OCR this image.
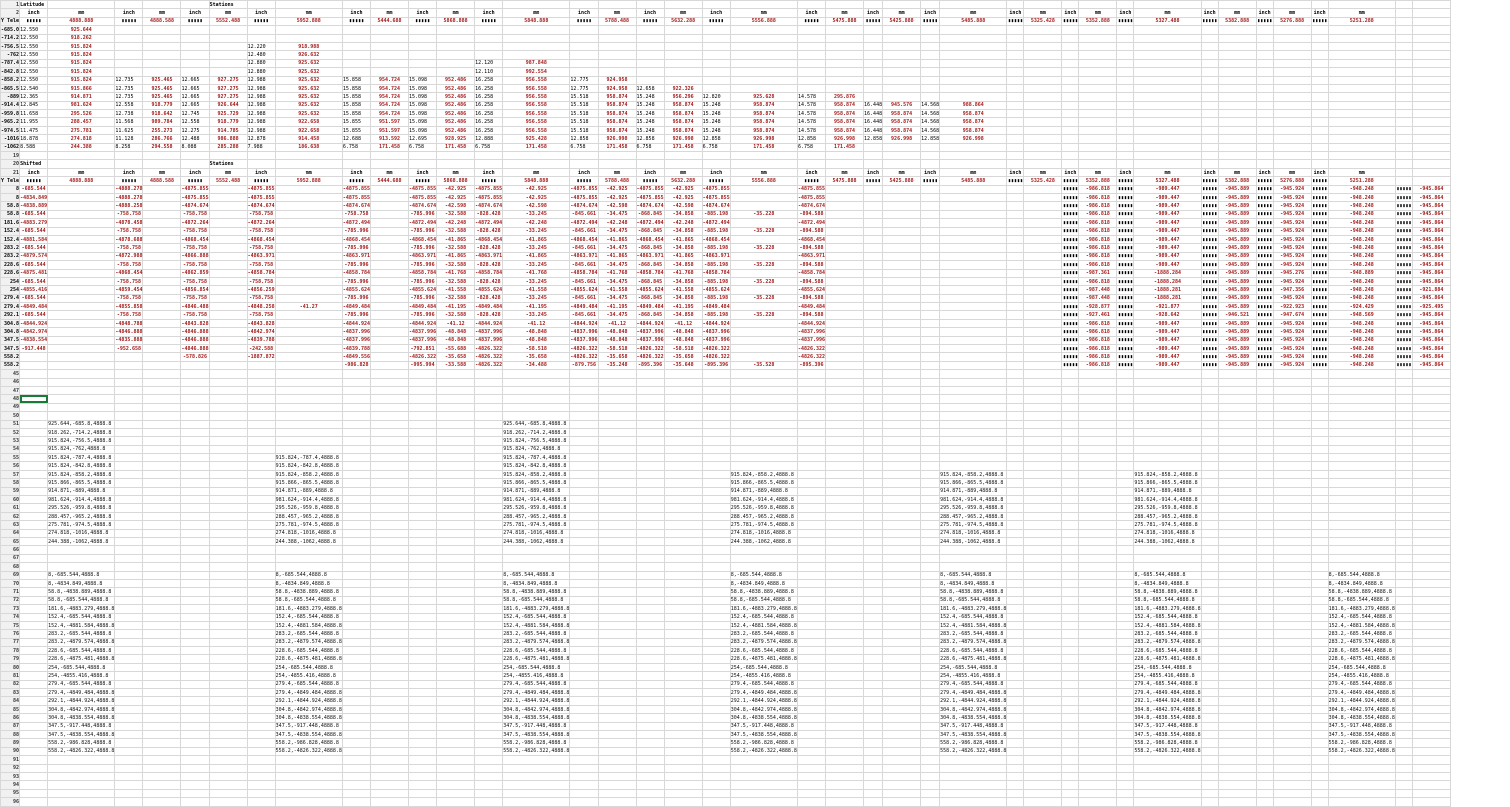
1	Latitude					Stations																																		
2	inch	mm	inch	mm	inch	mm	inch	mm	inch	mm	inch	mm	inch	mm	inch	mm	inch	mm	inch	mm	inch	mm	inch	mm	inch	mm	inch	mm	inch	mm	inch	mm	inch	mm	inch	mm	inch	mm		
Y Tele	▮▮▮▮▮	4888.888	▮▮▮▮▮	4888.588	▮▮▮▮▮	5552.488	▮▮▮▮▮	5952.888	▮▮▮▮▮	5444.688	▮▮▮▮▮	5868.888	▮▮▮▮▮	5848.888	▮▮▮▮▮	5788.488	▮▮▮▮▮	5632.288	▮▮▮▮▮	5556.888	▮▮▮▮▮	5475.888	▮▮▮▮▮	5425.888	▮▮▮▮▮	5485.888	▮▮▮▮▮	5325.428	▮▮▮▮▮	5352.888	▮▮▮▮▮	5327.488	▮▮▮▮▮	5382.888	▮▮▮▮▮	5276.888	▮▮▮▮▮	5251.288		
-685.0	12.550	925.644																																						
-714.2	12.550	918.262																																						
-756.5	12.550	915.824					12.220	918.988																																
-762	12.550	915.824					12.480	926.632																																
-787.4	12.550	915.824					12.880	925.632					12.120	987.848																										
-842.8	12.550	915.824					12.880	925.632					12.110	992.554																										
-858.2	12.550	915.824	12.735	925.465	12.665	927.275	12.988	925.632	15.858	954.724	15.098	952.486	16.258	956.558	12.775	924.958																								
-865.5	12.540	915.866	12.735	925.465	12.665	927.275	12.988	925.632	15.858	954.724	15.098	952.486	16.258	956.558	12.775	924.958	12.658	922.326																						
-889	12.365	914.871	12.735	925.465	12.665	927.275	12.988	925.632	15.858	954.724	15.098	952.486	16.258	956.558	15.518	958.874	15.248	956.296	12.820	925.628	14.578	295.876																		
-914.4	12.845	981.624	12.558	918.779	12.665	926.644	12.988	925.632	15.858	954.724	15.098	952.486	16.258	956.558	15.518	958.874	15.248	958.874	15.248	958.874	14.578	958.874	16.448	945.576	14.568	988.864														
-959.8	11.658	295.526	12.738	918.642	12.745	925.729	12.988	925.632	15.858	954.724	15.098	952.486	16.258	956.558	15.518	958.874	15.248	958.874	15.248	958.874	14.578	958.874	16.448	958.874	14.568	958.874														
-965.2	11.955	288.457	11.568	989.784	12.558	918.779	12.988	922.658	15.855	951.597	15.098	952.486	16.258	956.558	15.518	958.874	15.248	958.874	15.248	958.874	14.578	958.874	16.448	958.874	14.568	958.874														
-974.5	11.475	275.781	11.625	255.273	12.275	914.785	12.988	922.658	15.855	951.597	15.098	952.486	16.258	956.558	15.518	958.874	15.248	958.874	15.248	958.874	14.578	958.874	16.448	958.874	14.568	958.874														
-1016	18.878	274.818	11.128	286.766	12.488	986.888	12.878	914.458	12.688	913.592	12.695	928.925	12.888	925.428	12.858	926.998	12.858	926.998	12.858	926.998	12.858	926.998	12.858	926.998	12.858	926.998														
-1062	8.588	244.388	8.258	294.558	8.088	285.288	7.988	186.638	6.758	171.458	6.758	171.458	6.758	171.458	6.758	171.458	6.758	171.458	6.758	171.458	6.758	171.458																		
19																																								
20	Shifted					Stations																																		
21	inch	mm	inch	mm	inch	mm	inch	mm	inch	mm	inch	mm	inch	mm	inch	mm	inch	mm	inch	mm	inch	mm	inch	mm	inch	mm	inch	mm	inch	mm	inch	mm	inch	mm	inch	mm	inch	mm		
Y Tele	▮▮▮▮▮	4888.888	▮▮▮▮▮	4888.588	▮▮▮▮▮	5552.488	▮▮▮▮▮	5952.888	▮▮▮▮▮	5444.688	▮▮▮▮▮	5868.888	▮▮▮▮▮	5848.888	▮▮▮▮▮	5788.488	▮▮▮▮▮	5632.288	▮▮▮▮▮	5556.888	▮▮▮▮▮	5475.888	▮▮▮▮▮	5425.888	▮▮▮▮▮	5485.888	▮▮▮▮▮	5325.428	▮▮▮▮▮	5352.888	▮▮▮▮▮	5327.488	▮▮▮▮▮	5382.888	▮▮▮▮▮	5276.888	▮▮▮▮▮	5251.288		
8	-685.544		-4888.278		-4875.855		-4875.855		-4875.855		-4875.855	-42.925	-4875.855	-42.925	-4875.855	-42.925	-4875.855	-42.925	-4875.855		-4875.855								▮▮▮▮▮	-986.818	▮▮▮▮▮	-989.447	▮▮▮▮▮	-945.889	▮▮▮▮▮	-945.924	▮▮▮▮▮	-948.248	▮▮▮▮▮	-945.864
8	-4834.849		-4888.278		-4875.855		-4875.855		-4875.855		-4875.855	-42.925	-4875.855	-42.925	-4875.855	-42.925	-4875.855	-42.925	-4875.855		-4875.855								▮▮▮▮▮	-986.818	▮▮▮▮▮	-989.447	▮▮▮▮▮	-945.889	▮▮▮▮▮	-945.924	▮▮▮▮▮	-948.248	▮▮▮▮▮	-945.864
58.8	-4838.889		-4888.258		-4874.674		-4874.674		-4874.674		-4874.674	-42.598	-4874.674	-42.598	-4874.674	-42.598	-4874.674	-42.598	-4874.674		-4874.674								▮▮▮▮▮	-986.818	▮▮▮▮▮	-989.447	▮▮▮▮▮	-945.889	▮▮▮▮▮	-945.924	▮▮▮▮▮	-948.248	▮▮▮▮▮	-945.864
58.8	-685.544		-758.758		-758.758		-758.758		-758.758		-785.996	-32.588	-828.428	-33.245	-845.661	-34.475	-868.845	-34.858	-885.198	-35.228	-894.588								▮▮▮▮▮	-986.818	▮▮▮▮▮	-989.447	▮▮▮▮▮	-945.889	▮▮▮▮▮	-945.924	▮▮▮▮▮	-948.248	▮▮▮▮▮	-945.864
181.6	-4883.279		-4878.458		-4872.264		-4872.264		-4872.494		-4872.494	-42.248	-4872.494	-42.248	-4872.494	-42.248	-4872.494	-42.248	-4872.494		-4872.494								▮▮▮▮▮	-986.818	▮▮▮▮▮	-989.447	▮▮▮▮▮	-945.889	▮▮▮▮▮	-945.924	▮▮▮▮▮	-948.248	▮▮▮▮▮	-945.864
152.4	-685.544		-758.758		-758.758		-758.758		-785.996		-785.996	-32.588	-828.428	-33.245	-845.661	-34.475	-868.845	-34.858	-885.198	-35.228	-894.588								▮▮▮▮▮	-986.818	▮▮▮▮▮	-989.447	▮▮▮▮▮	-945.889	▮▮▮▮▮	-945.924	▮▮▮▮▮	-948.248	▮▮▮▮▮	-945.864
152.4	-4881.584		-4878.688		-4868.454		-4868.454		-4868.454		-4868.454	-41.865	-4868.454	-41.865	-4868.454	-41.865	-4868.454	-41.865	-4868.454		-4868.454								▮▮▮▮▮	-986.818	▮▮▮▮▮	-989.447	▮▮▮▮▮	-945.889	▮▮▮▮▮	-945.924	▮▮▮▮▮	-948.248	▮▮▮▮▮	-945.864
283.2	-685.544		-758.758		-758.758		-758.758		-785.996		-785.996	-32.588	-828.428	-33.245	-845.661	-34.475	-868.845	-34.858	-885.198	-35.228	-894.588								▮▮▮▮▮	-986.818	▮▮▮▮▮	-989.447	▮▮▮▮▮	-945.889	▮▮▮▮▮	-945.924	▮▮▮▮▮	-948.248	▮▮▮▮▮	-945.864
283.2	-4879.574		-4872.988		-4866.888		-4863.971		-4863.971		-4863.971	-41.865	-4863.971	-41.865	-4863.971	-41.865	-4863.971	-41.865	-4863.971		-4863.971								▮▮▮▮▮	-986.818	▮▮▮▮▮	-989.447	▮▮▮▮▮	-945.889	▮▮▮▮▮	-945.924	▮▮▮▮▮	-948.248	▮▮▮▮▮	-945.864
228.6	-685.544		-758.758		-758.758		-758.758		-785.996		-785.996	-32.588	-828.428	-33.245	-845.661	-34.475	-868.845	-34.858	-885.198	-35.228	-894.588								▮▮▮▮▮	-986.818	▮▮▮▮▮	-989.447	▮▮▮▮▮	-945.889	▮▮▮▮▮	-945.924	▮▮▮▮▮	-948.248	▮▮▮▮▮	-945.864
228.6	-4875.481		-4868.454		-4862.859		-4858.784		-4858.784		-4858.784	-41.768	-4858.784	-41.768	-4858.784	-41.768	-4858.784	-41.768	-4858.784		-4858.784								▮▮▮▮▮	-987.361	▮▮▮▮▮	-1888.284	▮▮▮▮▮	-945.889	▮▮▮▮▮	-945.276	▮▮▮▮▮	-948.889	▮▮▮▮▮	-945.864
254	-685.544		-758.758		-758.758		-758.758		-785.996		-785.996	-32.588	-828.428	-33.245	-845.661	-34.475	-868.845	-34.858	-885.198	-35.228	-894.588								▮▮▮▮▮	-986.818	▮▮▮▮▮	-1888.284	▮▮▮▮▮	-945.889	▮▮▮▮▮	-945.924	▮▮▮▮▮	-948.248	▮▮▮▮▮	-945.864
254	-4855.416		-4859.454		-4856.854		-4856.259		-4855.624		-4855.624	-41.558	-4855.624	-41.558	-4855.624	-41.558	-4855.624	-41.558	-4855.624		-4855.624								▮▮▮▮▮	-987.448	▮▮▮▮▮	-1888.281	▮▮▮▮▮	-945.889	▮▮▮▮▮	-947.356	▮▮▮▮▮	-948.248	▮▮▮▮▮	-921.884
279.4	-685.544		-758.758		-758.758		-758.758		-785.996		-785.996	-32.588	-828.428	-33.245	-845.661	-34.475	-868.845	-34.858	-885.198	-35.228	-894.588								▮▮▮▮▮	-987.448	▮▮▮▮▮	-1888.281	▮▮▮▮▮	-945.889	▮▮▮▮▮	-945.924	▮▮▮▮▮	-948.248	▮▮▮▮▮	-945.864
279.4	-4849.484		-4855.858		-4846.488		-4848.258	-41.27	-4849.484		-4849.484	-41.195	-4849.484	-41.195	-4849.484	-41.195	-4849.484	-41.195	-4849.484		-4849.484								▮▮▮▮▮	-928.877	▮▮▮▮▮	-921.877	▮▮▮▮▮	-945.889	▮▮▮▮▮	-922.923	▮▮▮▮▮	-924.429	▮▮▮▮▮	-925.495
292.1	-685.544		-758.758		-758.758		-758.758		-785.996		-785.996	-32.588	-828.428	-33.245	-845.661	-34.475	-868.845	-34.858	-885.198	-35.228	-894.588								▮▮▮▮▮	-927.461	▮▮▮▮▮	-928.642	▮▮▮▮▮	-946.521	▮▮▮▮▮	-947.674	▮▮▮▮▮	-948.569	▮▮▮▮▮	-945.864
304.8	-4844.924		-4848.788		-4843.828		-4843.828		-4844.924		-4844.924	-41.12	-4844.924	-41.12	-4844.924	-41.12	-4844.924	-41.12	-4844.924		-4844.924								▮▮▮▮▮	-986.818	▮▮▮▮▮	-989.447	▮▮▮▮▮	-945.889	▮▮▮▮▮	-945.924	▮▮▮▮▮	-948.248	▮▮▮▮▮	-945.864
304.8	-4842.974		-4846.888		-4846.888		-4842.974		-4837.996		-4837.996	-48.848	-4837.996	-48.848	-4837.996	-48.848	-4837.996	-48.848	-4837.996		-4837.996								▮▮▮▮▮	-986.818	▮▮▮▮▮	-989.447	▮▮▮▮▮	-945.889	▮▮▮▮▮	-945.924	▮▮▮▮▮	-948.248	▮▮▮▮▮	-945.864
347.5	-4838.554		-4835.888		-4846.888		-4839.788		-4837.996		-4837.996	-48.848	-4837.996	-48.848	-4837.996	-48.848	-4837.996	-48.848	-4837.996		-4837.996								▮▮▮▮▮	-986.818	▮▮▮▮▮	-989.447	▮▮▮▮▮	-945.889	▮▮▮▮▮	-945.924	▮▮▮▮▮	-948.248	▮▮▮▮▮	-945.864
347.5	-917.448		-952.658		-4846.888		-242.588		-4839.788		-792.851	-55.688	-4826.322	-58.518	-4826.322	-58.518	-4826.322	-58.518	-4826.322		-4826.322								▮▮▮▮▮	-986.818	▮▮▮▮▮	-989.447	▮▮▮▮▮	-945.889	▮▮▮▮▮	-945.924	▮▮▮▮▮	-948.248	▮▮▮▮▮	-945.864
558.2					-578.826		-1887.872		-4849.556		-4826.322	-35.658	-4826.322	-35.658	-4826.322	-35.658	-4826.322	-35.658	-4826.322		-4826.322								▮▮▮▮▮	-986.818	▮▮▮▮▮	-989.447	▮▮▮▮▮	-945.889	▮▮▮▮▮	-945.924	▮▮▮▮▮	-948.248	▮▮▮▮▮	-945.864
558.2									-986.828		-995.994	-33.588	-4826.322	-34.488	-879.756	-35.248	-895.396	-35.648	-895.396	-35.528	-895.396								▮▮▮▮▮	-986.818	▮▮▮▮▮	-989.447	▮▮▮▮▮	-945.889	▮▮▮▮▮	-945.924	▮▮▮▮▮	-948.248	▮▮▮▮▮	-945.864
45																																								
46																																								
47																																								
48																																								
49																																								
50																																								
51		925.644,-685.8,4888.8												925.644,-685.8,4888.8																										
52		918.262,-714.2,4888.8												918.262,-714.2,4888.8																										
53		915.824,-756.5,4888.8												915.824,-756.5,4888.8																										
54		915.824,-762,4888.8												915.824,-762,4888.8																										
55		915.824,-787.4,4888.8						915.824,-787.4,4888.8						915.824,-787.4,4888.8																										
56		915.824,-842.8,4888.8						915.824,-842.8,4888.8						915.824,-842.8,4888.8																										
57		915.824,-858.2,4888.8						915.824,-858.2,4888.8						915.824,-858.2,4888.8						915.824,-858.2,4888.8						915.824,-858.2,4888.8						915.824,-858.2,4888.8								
58		915.866,-865.5,4888.8						915.866,-865.5,4888.8						915.866,-865.5,4888.8						915.866,-865.5,4888.8						915.866,-865.5,4888.8						915.866,-865.5,4888.8								
59		914.871,-889,4888.8						914.871,-889,4888.8						914.871,-889,4888.8						914.871,-889,4888.8						914.871,-889,4888.8						914.871,-889,4888.8								
60		981.624,-914.4,4888.8						981.624,-914.4,4888.8						981.624,-914.4,4888.8						981.624,-914.4,4888.8						981.624,-914.4,4888.8						981.624,-914.4,4888.8								
61		295.526,-959.8,4888.8						295.526,-959.8,4888.8						295.526,-959.8,4888.8						295.526,-959.8,4888.8						295.526,-959.8,4888.8						295.526,-959.8,4888.8								
62		288.457,-965.2,4888.8						288.457,-965.2,4888.8						288.457,-965.2,4888.8						288.457,-965.2,4888.8						288.457,-965.2,4888.8						288.457,-965.2,4888.8								
63		275.781,-974.5,4888.8						275.781,-974.5,4888.8						275.781,-974.5,4888.8						275.781,-974.5,4888.8						275.781,-974.5,4888.8						275.781,-974.5,4888.8								
64		274.818,-1016,4888.8						274.818,-1016,4888.8						274.818,-1016,4888.8						274.818,-1016,4888.8						274.818,-1016,4888.8						274.818,-1016,4888.8								
65		244.388,-1062,4888.8						244.388,-1062,4888.8						244.388,-1062,4888.8						244.388,-1062,4888.8						244.388,-1062,4888.8						244.388,-1062,4888.8								
66																																								
67																																								
68																																								
69		8,-685.544,4888.8						8,-685.544,4888.8						8,-685.544,4888.8						8,-685.544,4888.8						8,-685.544,4888.8						8,-685.544,4888.8						8,-685.544,4888.8		
70		8,-4834.849,4888.8						8,-4834.849,4888.8						8,-4834.849,4888.8						8,-4834.849,4888.8						8,-4834.849,4888.8						8,-4834.849,4888.8						8,-4834.849,4888.8		
71		58.8,-4838.889,4888.8						58.8,-4838.889,4888.8						58.8,-4838.889,4888.8						58.8,-4838.889,4888.8						58.8,-4838.889,4888.8						58.8,-4838.889,4888.8						58.8,-4838.889,4888.8		
72		58.8,-685.544,4888.8						58.8,-685.544,4888.8						58.8,-685.544,4888.8						58.8,-685.544,4888.8						58.8,-685.544,4888.8						58.8,-685.544,4888.8						58.8,-685.544,4888.8		
73		181.6,-4883.279,4888.8						181.6,-4883.279,4888.8						181.6,-4883.279,4888.8						181.6,-4883.279,4888.8						181.6,-4883.279,4888.8						181.6,-4883.279,4888.8						181.6,-4883.279,4888.8		
74		152.4,-685.544,4888.8						152.4,-685.544,4888.8						152.4,-685.544,4888.8						152.4,-685.544,4888.8						152.4,-685.544,4888.8						152.4,-685.544,4888.8						152.4,-685.544,4888.8		
75		152.4,-4881.584,4888.8						152.4,-4881.584,4888.8						152.4,-4881.584,4888.8						152.4,-4881.584,4888.8						152.4,-4881.584,4888.8						152.4,-4881.584,4888.8						152.4,-4881.584,4888.8		
76		283.2,-685.544,4888.8						283.2,-685.544,4888.8						283.2,-685.544,4888.8						283.2,-685.544,4888.8						283.2,-685.544,4888.8						283.2,-685.544,4888.8						283.2,-685.544,4888.8		
77		283.2,-4879.574,4888.8						283.2,-4879.574,4888.8						283.2,-4879.574,4888.8						283.2,-4879.574,4888.8						283.2,-4879.574,4888.8						283.2,-4879.574,4888.8						283.2,-4879.574,4888.8		
78		228.6,-685.544,4888.8						228.6,-685.544,4888.8						228.6,-685.544,4888.8						228.6,-685.544,4888.8						228.6,-685.544,4888.8						228.6,-685.544,4888.8						228.6,-685.544,4888.8		
79		228.6,-4875.481,4888.8						228.6,-4875.481,4888.8						228.6,-4875.481,4888.8						228.6,-4875.481,4888.8						228.6,-4875.481,4888.8						228.6,-4875.481,4888.8						228.6,-4875.481,4888.8		
80		254,-685.544,4888.8						254,-685.544,4888.8						254,-685.544,4888.8						254,-685.544,4888.8						254,-685.544,4888.8						254,-685.544,4888.8						254,-685.544,4888.8		
81		254,-4855.416,4888.8						254,-4855.416,4888.8						254,-4855.416,4888.8						254,-4855.416,4888.8						254,-4855.416,4888.8						254,-4855.416,4888.8						254,-4855.416,4888.8		
82		279.4,-685.544,4888.8						279.4,-685.544,4888.8						279.4,-685.544,4888.8						279.4,-685.544,4888.8						279.4,-685.544,4888.8						279.4,-685.544,4888.8						279.4,-685.544,4888.8		
83		279.4,-4849.484,4888.8						279.4,-4849.484,4888.8						279.4,-4849.484,4888.8						279.4,-4849.484,4888.8						279.4,-4849.484,4888.8						279.4,-4849.484,4888.8						279.4,-4849.484,4888.8		
84		292.1,-4844.924,4888.8						292.1,-4844.924,4888.8						292.1,-4844.924,4888.8						292.1,-4844.924,4888.8						292.1,-4844.924,4888.8						292.1,-4844.924,4888.8						292.1,-4844.924,4888.8		
85		304.8,-4842.974,4888.8						304.8,-4842.974,4888.8						304.8,-4842.974,4888.8						304.8,-4842.974,4888.8						304.8,-4842.974,4888.8						304.8,-4842.974,4888.8						304.8,-4842.974,4888.8		
86		304.8,-4838.554,4888.8						304.8,-4838.554,4888.8						304.8,-4838.554,4888.8						304.8,-4838.554,4888.8						304.8,-4838.554,4888.8						304.8,-4838.554,4888.8						304.8,-4838.554,4888.8		
87		347.5,-917.448,4888.8						347.5,-917.448,4888.8						347.5,-917.448,4888.8						347.5,-917.448,4888.8						347.5,-917.448,4888.8						347.5,-917.448,4888.8						347.5,-917.448,4888.8		
88		347.5,-4838.554,4888.8						347.5,-4838.554,4888.8						347.5,-4838.554,4888.8						347.5,-4838.554,4888.8						347.5,-4838.554,4888.8						347.5,-4838.554,4888.8						347.5,-4838.554,4888.8		
89		558.2,-986.828,4888.8						558.2,-986.828,4888.8						558.2,-986.828,4888.8						558.2,-986.828,4888.8						558.2,-986.828,4888.8						558.2,-986.828,4888.8						558.2,-986.828,4888.8		
90		558.2,-4826.322,4888.8						558.2,-4826.322,4888.8						558.2,-4826.322,4888.8						558.2,-4826.322,4888.8						558.2,-4826.322,4888.8						558.2,-4826.322,4888.8						558.2,-4826.322,4888.8		
91																																								
92																																								
93																																								
94																																								
95																																								
96																																								
